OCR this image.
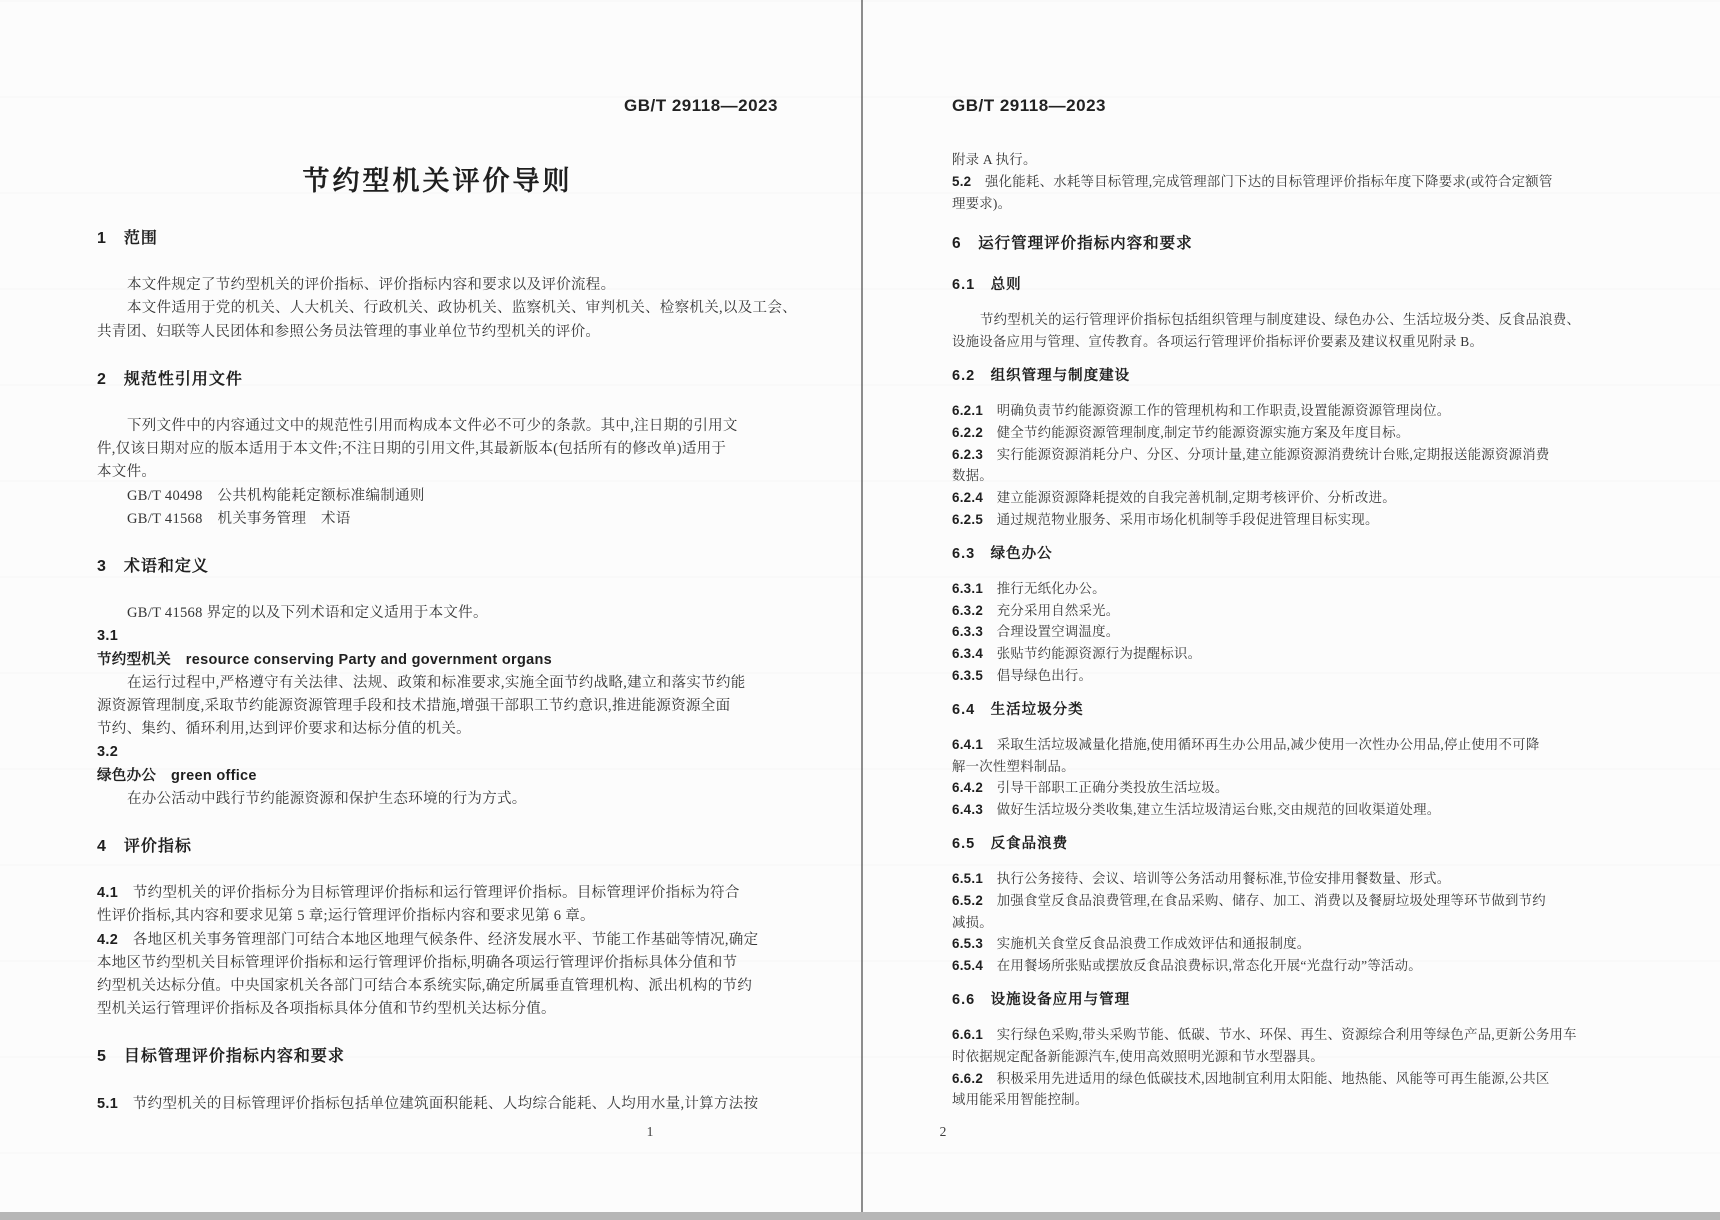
GB/T 29118—2023
节约型机关评价导则
1　范围
本文件规定了节约型机关的评价指标、评价指标内容和要求以及评价流程。
本文件适用于党的机关、人大机关、行政机关、政协机关、监察机关、审判机关、检察机关,以及工会、
共青团、妇联等人民团体和参照公务员法管理的事业单位节约型机关的评价。
2　规范性引用文件
下列文件中的内容通过文中的规范性引用而构成本文件必不可少的条款。其中,注日期的引用文
件,仅该日期对应的版本适用于本文件;不注日期的引用文件,其最新版本(包括所有的修改单)适用于
本文件。
GB/T 40498　公共机构能耗定额标准编制通则
GB/T 41568　机关事务管理　术语
3　术语和定义
GB/T 41568 界定的以及下列术语和定义适用于本文件。
3.1
节约型机关　resource conserving Party and government organs
在运行过程中,严格遵守有关法律、法规、政策和标准要求,实施全面节约战略,建立和落实节约能
源资源管理制度,采取节约能源资源管理手段和技术措施,增强干部职工节约意识,推进能源资源全面
节约、集约、循环利用,达到评价要求和达标分值的机关。
3.2
绿色办公　green office
在办公活动中践行节约能源资源和保护生态环境的行为方式。
4　评价指标
4.1　节约型机关的评价指标分为目标管理评价指标和运行管理评价指标。目标管理评价指标为符合
性评价指标,其内容和要求见第 5 章;运行管理评价指标内容和要求见第 6 章。
4.2　各地区机关事务管理部门可结合本地区地理气候条件、经济发展水平、节能工作基础等情况,确定
本地区节约型机关目标管理评价指标和运行管理评价指标,明确各项运行管理评价指标具体分值和节
约型机关达标分值。中央国家机关各部门可结合本系统实际,确定所属垂直管理机构、派出机构的节约
型机关运行管理评价指标及各项指标具体分值和节约型机关达标分值。
5　目标管理评价指标内容和要求
5.1　节约型机关的目标管理评价指标包括单位建筑面积能耗、人均综合能耗、人均用水量,计算方法按
1
GB/T 29118—2023
附录 A 执行。
5.2　强化能耗、水耗等目标管理,完成管理部门下达的目标管理评价指标年度下降要求(或符合定额管
理要求)。
6　运行管理评价指标内容和要求
6.1　总则
节约型机关的运行管理评价指标包括组织管理与制度建设、绿色办公、生活垃圾分类、反食品浪费、
设施设备应用与管理、宣传教育。各项运行管理评价指标评价要素及建议权重见附录 B。
6.2　组织管理与制度建设
6.2.1　明确负责节约能源资源工作的管理机构和工作职责,设置能源资源管理岗位。
6.2.2　健全节约能源资源管理制度,制定节约能源资源实施方案及年度目标。
6.2.3　实行能源资源消耗分户、分区、分项计量,建立能源资源消费统计台账,定期报送能源资源消费
数据。
6.2.4　建立能源资源降耗提效的自我完善机制,定期考核评价、分析改进。
6.2.5　通过规范物业服务、采用市场化机制等手段促进管理目标实现。
6.3　绿色办公
6.3.1　推行无纸化办公。
6.3.2　充分采用自然采光。
6.3.3　合理设置空调温度。
6.3.4　张贴节约能源资源行为提醒标识。
6.3.5　倡导绿色出行。
6.4　生活垃圾分类
6.4.1　采取生活垃圾减量化措施,使用循环再生办公用品,减少使用一次性办公用品,停止使用不可降
解一次性塑料制品。
6.4.2　引导干部职工正确分类投放生活垃圾。
6.4.3　做好生活垃圾分类收集,建立生活垃圾清运台账,交由规范的回收渠道处理。
6.5　反食品浪费
6.5.1　执行公务接待、会议、培训等公务活动用餐标准,节俭安排用餐数量、形式。
6.5.2　加强食堂反食品浪费管理,在食品采购、储存、加工、消费以及餐厨垃圾处理等环节做到节约
减损。
6.5.3　实施机关食堂反食品浪费工作成效评估和通报制度。
6.5.4　在用餐场所张贴或摆放反食品浪费标识,常态化开展“光盘行动”等活动。
6.6　设施设备应用与管理
6.6.1　实行绿色采购,带头采购节能、低碳、节水、环保、再生、资源综合利用等绿色产品,更新公务用车
时依据规定配备新能源汽车,使用高效照明光源和节水型器具。
6.6.2　积极采用先进适用的绿色低碳技术,因地制宜利用太阳能、地热能、风能等可再生能源,公共区
域用能采用智能控制。
2
